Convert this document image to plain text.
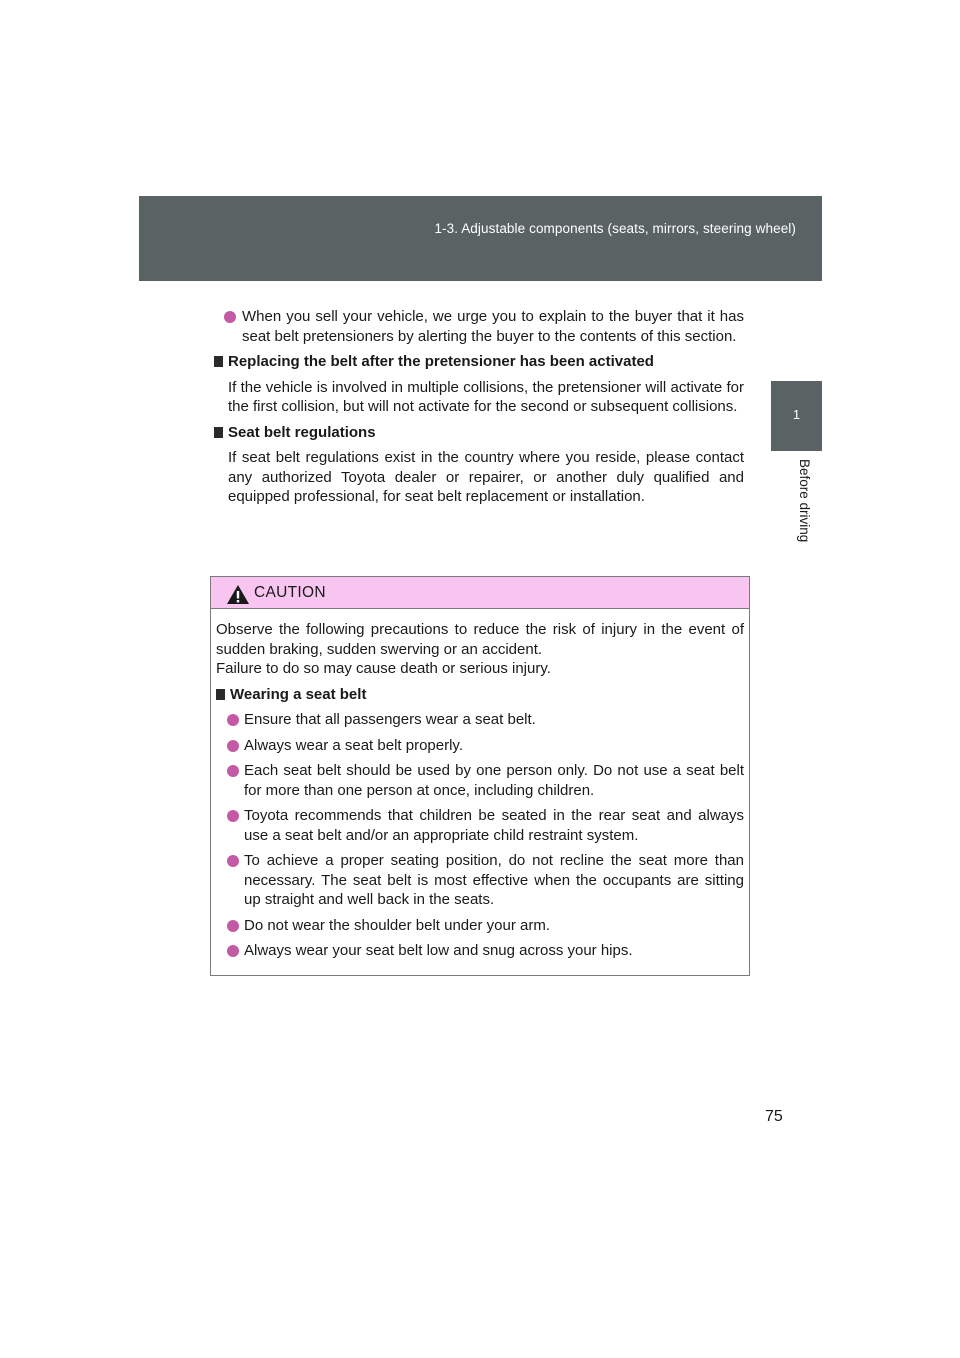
1-3. Adjustable components (seats, mirrors, steering wheel)
1
Before driving
When you sell your vehicle, we urge you to explain to the buyer that it has seat belt pretensioners by alerting the buyer to the contents of this section.
Replacing the belt after the pretensioner has been activated
If the vehicle is involved in multiple collisions, the pretensioner will activate for the first collision, but will not activate for the second or subsequent collisions.
Seat belt regulations
If seat belt regulations exist in the country where you reside, please contact any authorized Toyota dealer or repairer, or another duly qualified and equipped professional, for seat belt replacement or installation.
CAUTION
Observe the following precautions to reduce the risk of injury in the event of sudden braking, sudden swerving or an accident.
Failure to do so may cause death or serious injury.
Wearing a seat belt
Ensure that all passengers wear a seat belt.
Always wear a seat belt properly.
Each seat belt should be used by one person only. Do not use a seat belt for more than one person at once, including children.
Toyota recommends that children be seated in the rear seat and always use a seat belt and/or an appropriate child restraint system.
To achieve a proper seating position, do not recline the seat more than necessary. The seat belt is most effective when the occupants are sitting up straight and well back in the seats.
Do not wear the shoulder belt under your arm.
Always wear your seat belt low and snug across your hips.
75
